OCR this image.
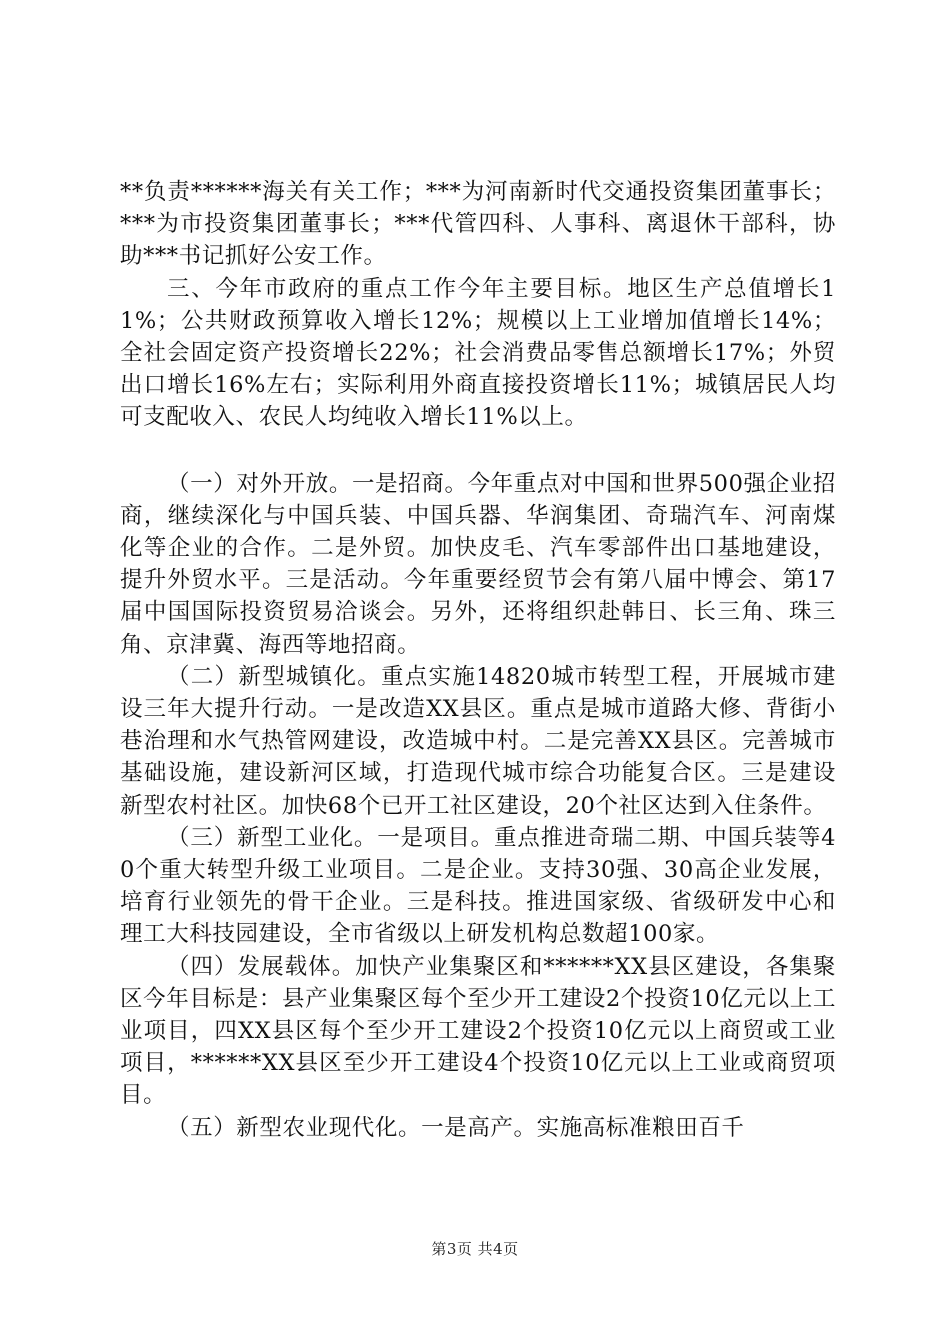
**负责******海关有关工作；***为河南新时代交通投资集团董事长；***为市投资集团董事长；***代管四科、人事科、离退休干部科，协助***书记抓好公安工作。

三、今年市政府的重点工作今年主要目标。地区生产总值增长11%；公共财政预算收入增长12%；规模以上工业增加值增长14%；全社会固定资产投资增长22%；社会消费品零售总额增长17%；外贸出口增长16%左右；实际利用外商直接投资增长11%；城镇居民人均可支配收入、农民人均纯收入增长11%以上。

（一）对外开放。一是招商。今年重点对中国和世界500强企业招商，继续深化与中国兵装、中国兵器、华润集团、奇瑞汽车、河南煤化等企业的合作。二是外贸。加快皮毛、汽车零部件出口基地建设，提升外贸水平。三是活动。今年重要经贸节会有第八届中博会、第17届中国国际投资贸易洽谈会。另外，还将组织赴韩日、长三角、珠三角、京津冀、海西等地招商。

（二）新型城镇化。重点实施14820城市转型工程，开展城市建设三年大提升行动。一是改造XX县区。重点是城市道路大修、背街小巷治理和水气热管网建设，改造城中村。二是完善XX县区。完善城市基础设施，建设新河区域，打造现代城市综合功能复合区。三是建设新型农村社区。加快68个已开工社区建设，20个社区达到入住条件。

（三）新型工业化。一是项目。重点推进奇瑞二期、中国兵装等40个重大转型升级工业项目。二是企业。支持30强、30高企业发展，培育行业领先的骨干企业。三是科技。推进国家级、省级研发中心和理工大科技园建设，全市省级以上研发机构总数超100家。

（四）发展载体。加快产业集聚区和******XX县区建设，各集聚区今年目标是：县产业集聚区每个至少开工建设2个投资10亿元以上工业项目，四XX县区每个至少开工建设2个投资10亿元以上商贸或工业项目，******XX县区至少开工建设4个投资10亿元以上工业或商贸项目。

（五）新型农业现代化。一是高产。实施高标准粮田百千

第3页 共4页
